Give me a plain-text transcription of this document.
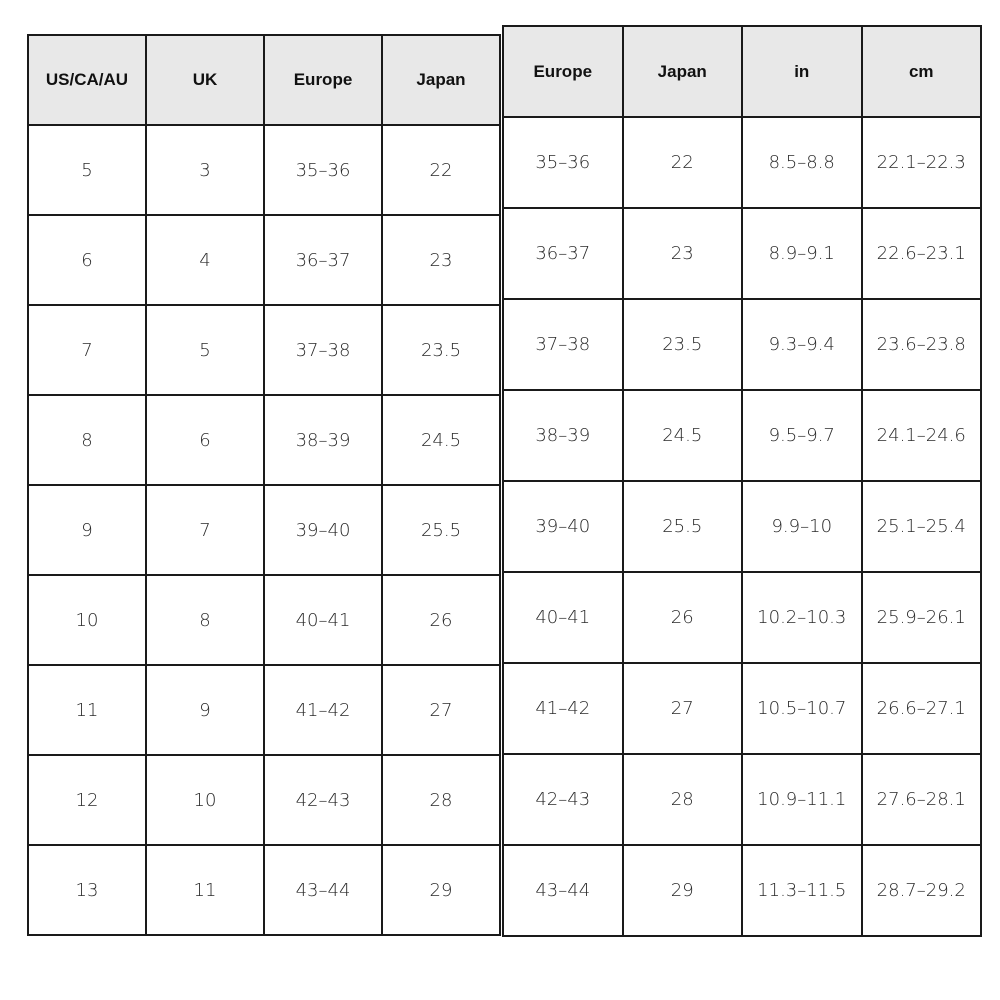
US/CA/AU	UK	Europe	Japan
5	3	35–36	22
6	4	36–37	23
7	5	37–38	23.5
8	6	38–39	24.5
9	7	39–40	25.5
10	8	40–41	26
11	9	41–42	27
12	10	42–43	28
13	11	43–44	29
Europe	Japan	in	cm
35–36	22	8.5–8.8	22.1–22.3
36–37	23	8.9–9.1	22.6–23.1
37–38	23.5	9.3–9.4	23.6–23.8
38–39	24.5	9.5–9.7	24.1–24.6
39–40	25.5	9.9–10	25.1–25.4
40–41	26	10.2–10.3	25.9–26.1
41–42	27	10.5–10.7	26.6–27.1
42–43	28	10.9–11.1	27.6–28.1
43–44	29	11.3–11.5	28.7–29.2
